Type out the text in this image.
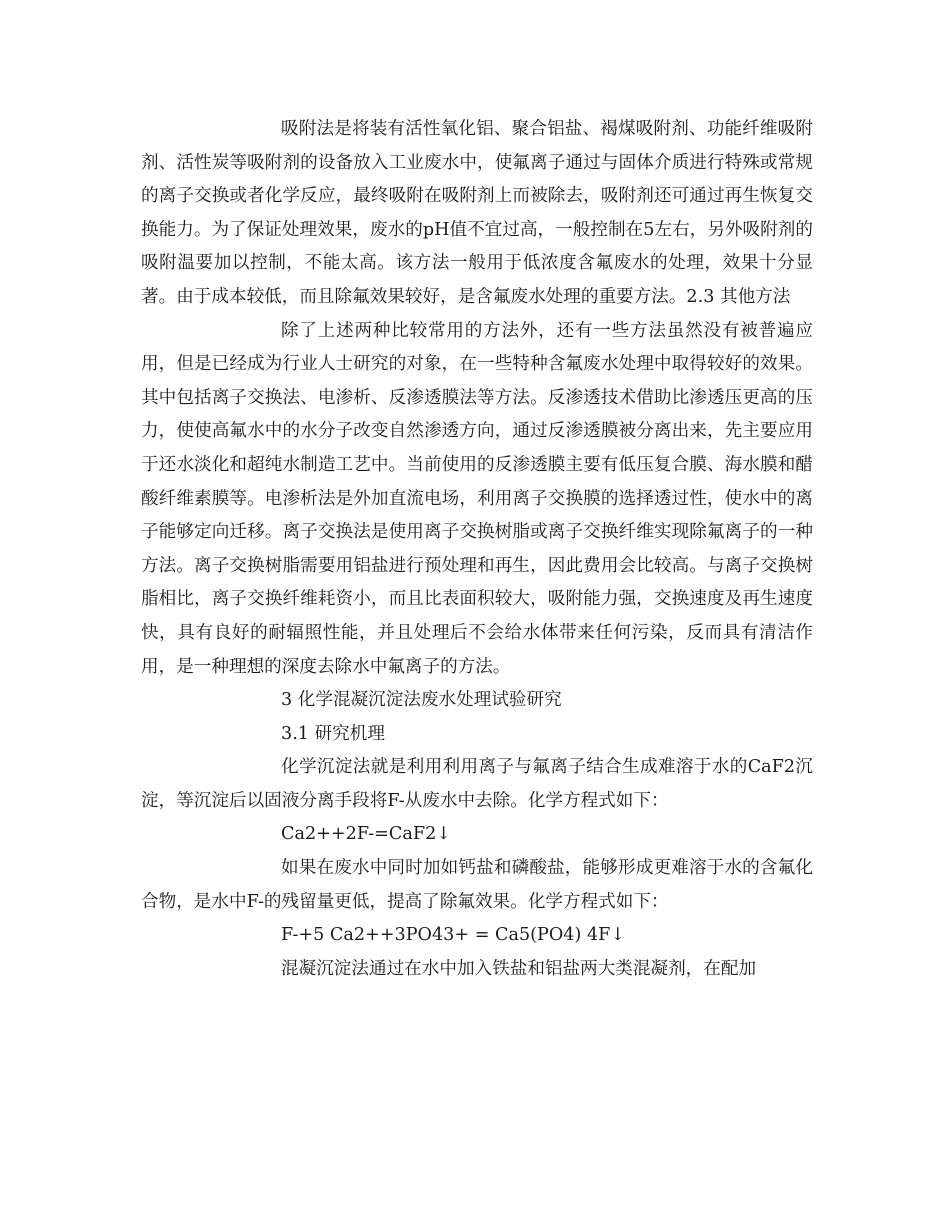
吸附法是将装有活性氧化铝、聚合铝盐、褐煤吸附剂、功能纤维吸附剂、活性炭等吸附剂的设备放入工业废水中，使氟离子通过与固体介质进行特殊或常规的离子交换或者化学反应，最终吸附在吸附剂上而被除去，吸附剂还可通过再生恢复交换能力。为了保证处理效果，废水的pH值不宜过高，一般控制在5左右，另外吸附剂的吸附温要加以控制，不能太高。该方法一般用于低浓度含氟废水的处理，效果十分显著。由于成本较低，而且除氟效果较好，是含氟废水处理的重要方法。2.3 其他方法

除了上述两种比较常用的方法外，还有一些方法虽然没有被普遍应用，但是已经成为行业人士研究的对象，在一些特种含氟废水处理中取得较好的效果。其中包括离子交换法、电渗析、反渗透膜法等方法。反渗透技术借助比渗透压更高的压力，使使高氟水中的水分子改变自然渗透方向，通过反渗透膜被分离出来，先主要应用于还水淡化和超纯水制造工艺中。当前使用的反渗透膜主要有低压复合膜、海水膜和醋酸纤维素膜等。电渗析法是外加直流电场，利用离子交换膜的选择透过性，使水中的离子能够定向迁移。离子交换法是使用离子交换树脂或离子交换纤维实现除氟离子的一种方法。离子交换树脂需要用铝盐进行预处理和再生，因此费用会比较高。与离子交换树脂相比，离子交换纤维耗资小，而且比表面积较大，吸附能力强，交换速度及再生速度快，具有良好的耐辐照性能，并且处理后不会给水体带来任何污染，反而具有清洁作用，是一种理想的深度去除水中氟离子的方法。

3 化学混凝沉淀法废水处理试验研究

3.1 研究机理

化学沉淀法就是利用利用离子与氟离子结合生成难溶于水的CaF2沉淀，等沉淀后以固液分离手段将F-从废水中去除。化学方程式如下：

Ca2++2F-=CaF2↓

如果在废水中同时加如钙盐和磷酸盐，能够形成更难溶于水的含氟化合物，是水中F-的残留量更低，提高了除氟效果。化学方程式如下：

F-+5 Ca2++3PO43+ = Ca5(PO4) 4F↓

混凝沉淀法通过在水中加入铁盐和铝盐两大类混凝剂，在配加
